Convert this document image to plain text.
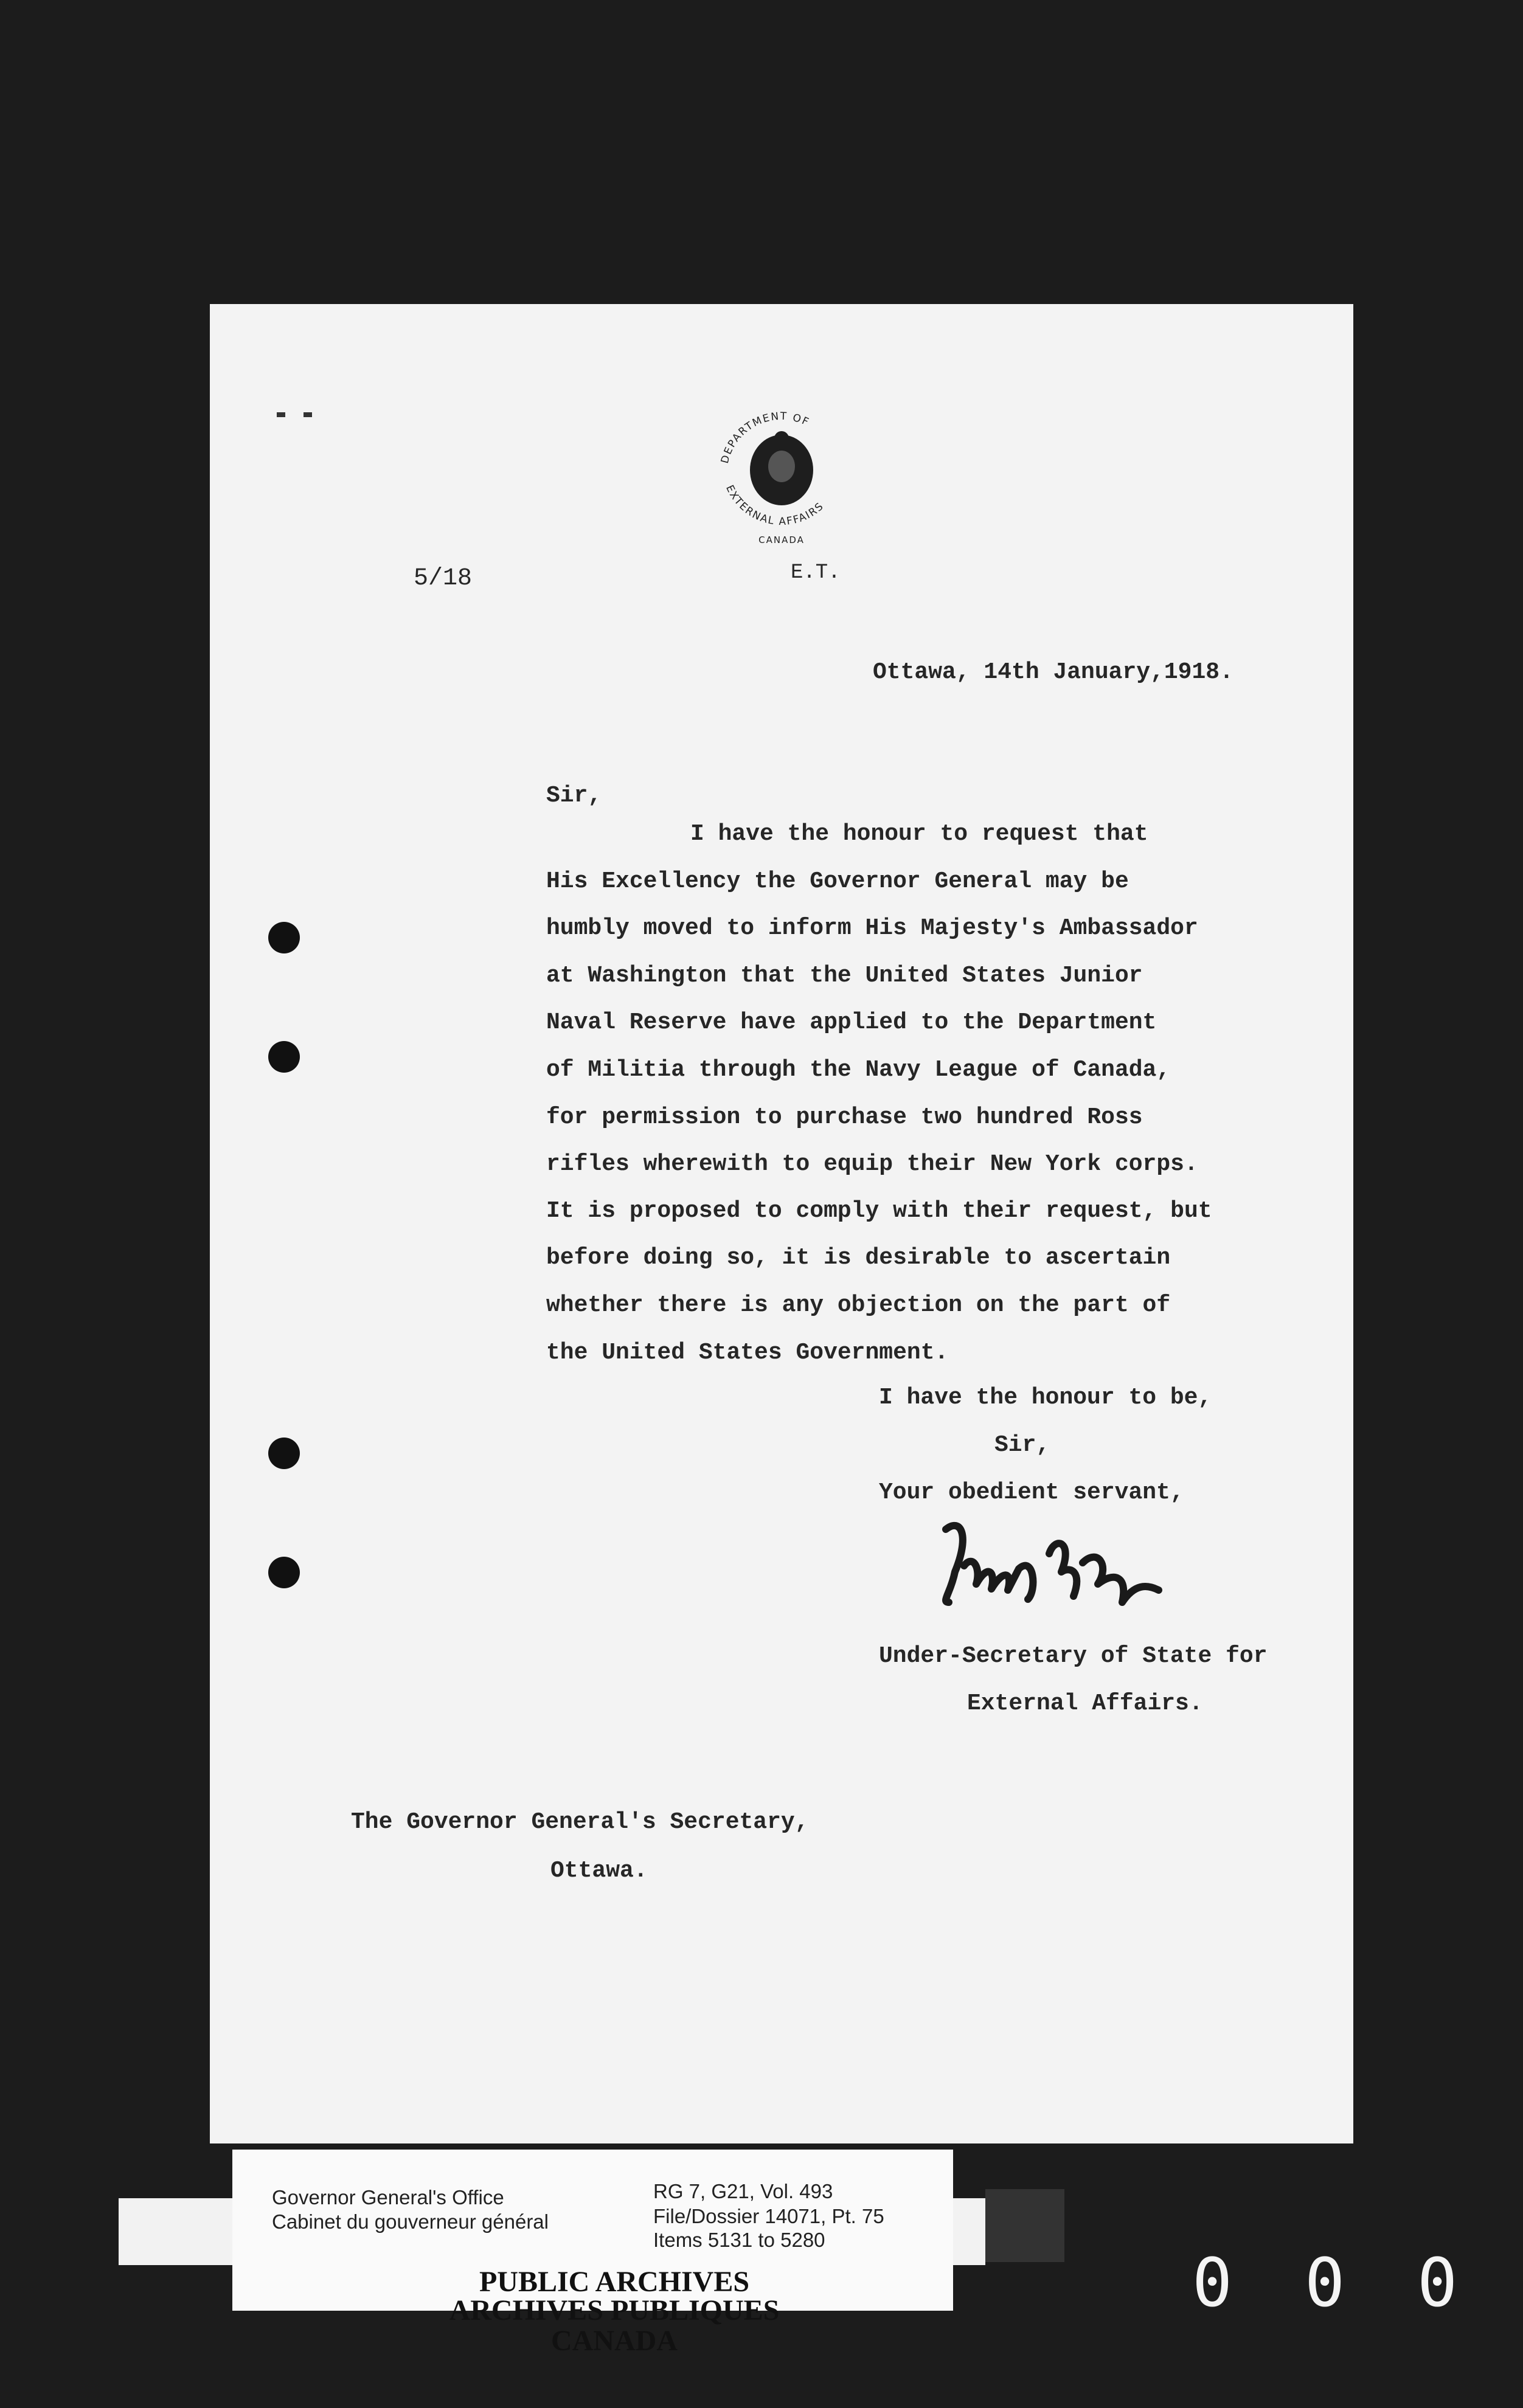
5/18
DEPARTMENT OF
EXTERNAL AFFAIRS
CANADA
E.T.
Ottawa, 14th January,1918.
Sir,
I have the honour to request that
His Excellency the Governor General may be
humbly moved to inform His Majesty's Ambassador
at Washington that the United States Junior
Naval Reserve have applied to the Department
of Militia through the Navy League of Canada,
for permission to purchase two hundred Ross
rifles wherewith to equip their New York corps.
It is proposed to comply with their request, but
before doing so, it is desirable to ascertain
whether there is any objection on the part of
the United States Government.
I have the honour to be,
Sir,
Your obedient servant,
Under-Secretary of State for
External Affairs.
The Governor General's Secretary,
Ottawa.
Governor General's Office
Cabinet du gouverneur général
RG 7, G21, Vol. 493
File/Dossier 14071, Pt. 75
Items 5131 to 5280
PUBLIC ARCHIVES
ARCHIVES PUBLIQUES
CANADA
0 0 0
